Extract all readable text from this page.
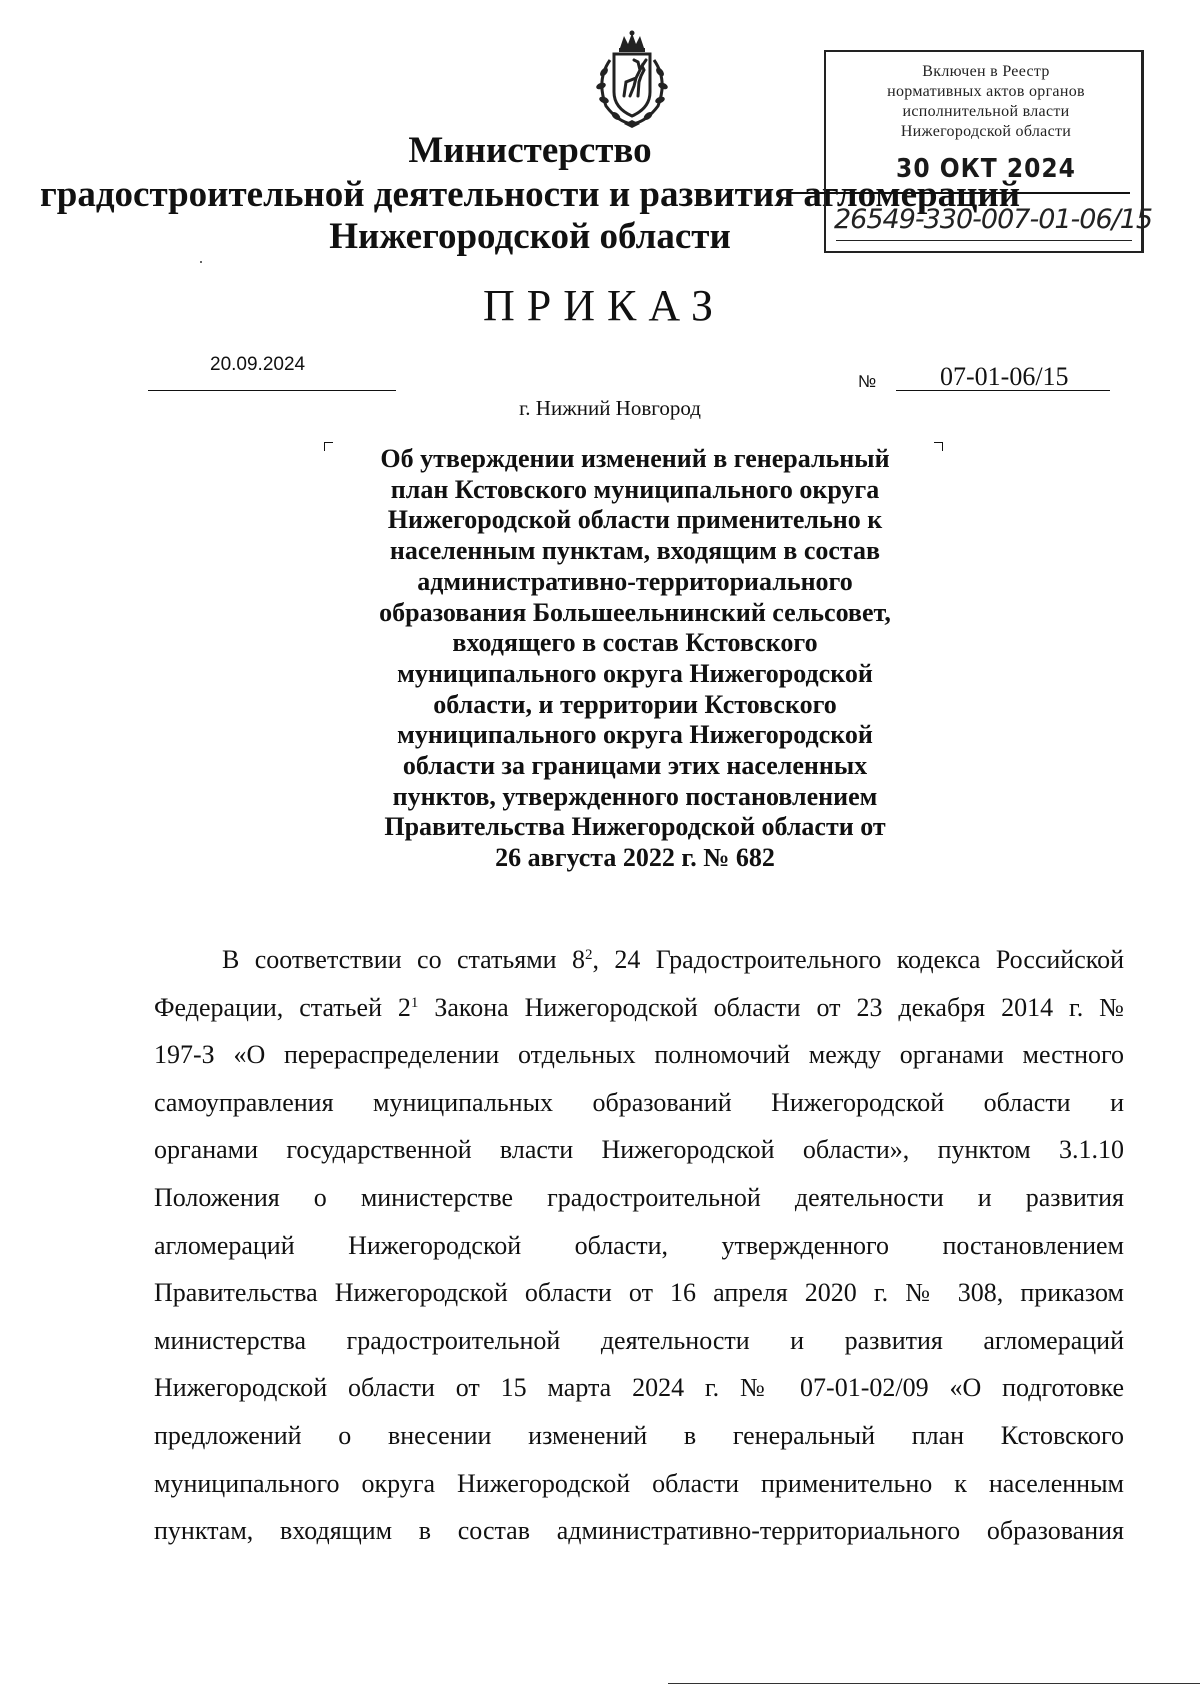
Министерство
градостроительной деятельности и развития агломераций
Нижегородской области
Включен в Реестр
нормативных актов органов
исполнительной власти
Нижегородской области
30 ОКТ 2024
26549-330-007-01-06/15
ПРИКАЗ
20.09.2024
№ 07-01-06/15
г. Нижний Новгород
Об утверждении изменений в генеральный
план Кстовского муниципального округа
Нижегородской области применительно к
населенным пунктам, входящим в состав
административно-территориального
образования Большеельнинский сельсовет,
входящего в состав Кстовского
муниципального округа Нижегородской
области, и территории Кстовского
муниципального округа Нижегородской
области за границами этих населенных
пунктов, утвержденного постановлением
Правительства Нижегородской области от
26 августа 2022 г. № 682
В соответствии со статьями $8^2$, 24 Градостроительного кодекса Российской
Федерации, статьей $2^1$ Закона Нижегородской области от 23 декабря 2014 г. №
197-З «О перераспределении отдельных полномочий между органами местного
самоуправления муниципальных образований Нижегородской области и
органами государственной власти Нижегородской области», пунктом 3.1.10
Положения о министерстве градостроительной деятельности и развития
агломераций Нижегородской области, утвержденного постановлением
Правительства Нижегородской области от 16 апреля 2020 г. № 308, приказом
министерства градостроительной деятельности и развития агломераций
Нижегородской области от 15 марта 2024 г. № 07-01-02/09 «О подготовке
предложений о внесении изменений в генеральный план Кстовского
муниципального округа Нижегородской области применительно к населенным
пунктам, входящим в состав административно-территориального образования
